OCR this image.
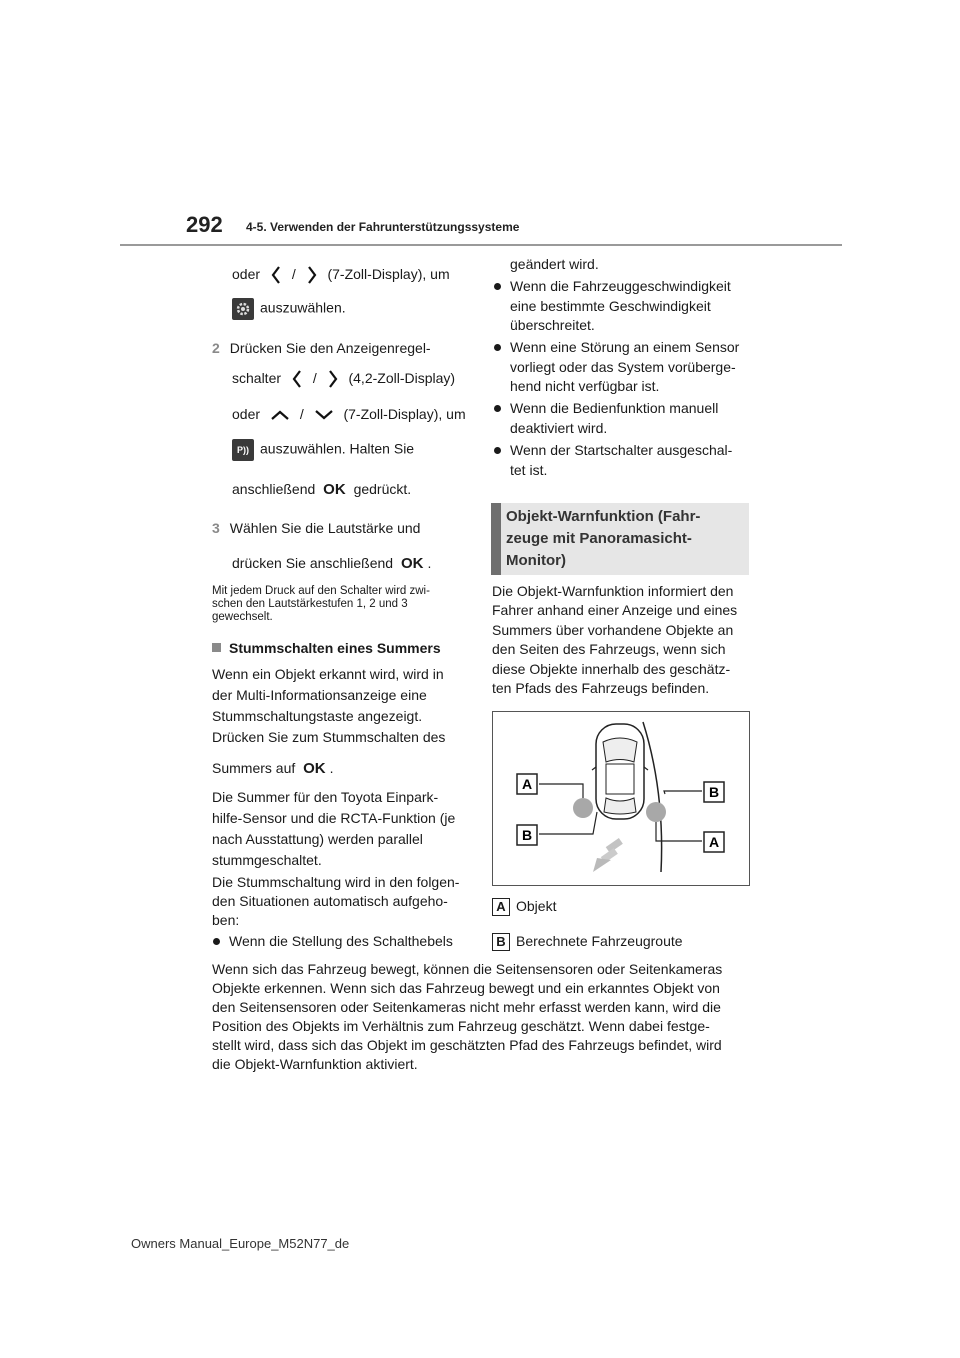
292 4-5. Verwenden der Fahrunterstützungssysteme
oder / (7-Zoll-Display), um
auszuwählen.
2 Drücken Sie den Anzeigenregel-
schalter / (4,2-Zoll-Display)
oder	/	(7-Zoll-Display), um
P)) auszuwählen. Halten Sie
anschließend OK gedrückt.
3 Wählen Sie die Lautstärke und
drücken Sie anschließend OK .
Mit jedem Druck auf den Schalter wird zwi-
schen den Lautstärkestufen 1, 2 und 3
gewechselt.
Stummschalten eines Summers
Wenn ein Objekt erkannt wird, wird in
der Multi-Informationsanzeige eine
Stummschaltungstaste angezeigt.
Drücken Sie zum Stummschalten des
Summers auf OK .
Die Summer für den Toyota Einpark-
hilfe-Sensor und die RCTA-Funktion (je
nach Ausstattung) werden parallel
stummgeschaltet.
Die Stummschaltung wird in den folgen-
den Situationen automatisch aufgeho-
ben:
Wenn die Stellung des Schalthebels
geändert wird.
Wenn die Fahrzeuggeschwindigkeit
eine bestimmte Geschwindigkeit
überschreitet.
Wenn eine Störung an einem Sensor
vorliegt oder das System vorüberge-
hend nicht verfügbar ist.
Wenn die Bedienfunktion manuell
deaktiviert wird.
Wenn der Startschalter ausgeschal-
tet ist.
Objekt-Warnfunktion (Fahr-
zeuge mit Panoramasicht-
Monitor)
Die Objekt-Warnfunktion informiert den
Fahrer anhand einer Anzeige und eines
Summers über vorhandene Objekte an
den Seiten des Fahrzeugs, wenn sich
diese Objekte innerhalb des geschätz-
ten Pfads des Fahrzeugs befinden.
A	B
B	A
A Objekt
B Berechnete Fahrzeugroute
Wenn sich das Fahrzeug bewegt, können die Seitensensoren oder Seitenkameras
Objekte erkennen. Wenn sich das Fahrzeug bewegt und ein erkanntes Objekt von
den Seitensensoren oder Seitenkameras nicht mehr erfasst werden kann, wird die
Position des Objekts im Verhältnis zum Fahrzeug geschätzt. Wenn dabei festge-
stellt wird, dass sich das Objekt im geschätzten Pfad des Fahrzeugs befindet, wird
die Objekt-Warnfunktion aktiviert.
Owners Manual_Europe_M52N77_de
